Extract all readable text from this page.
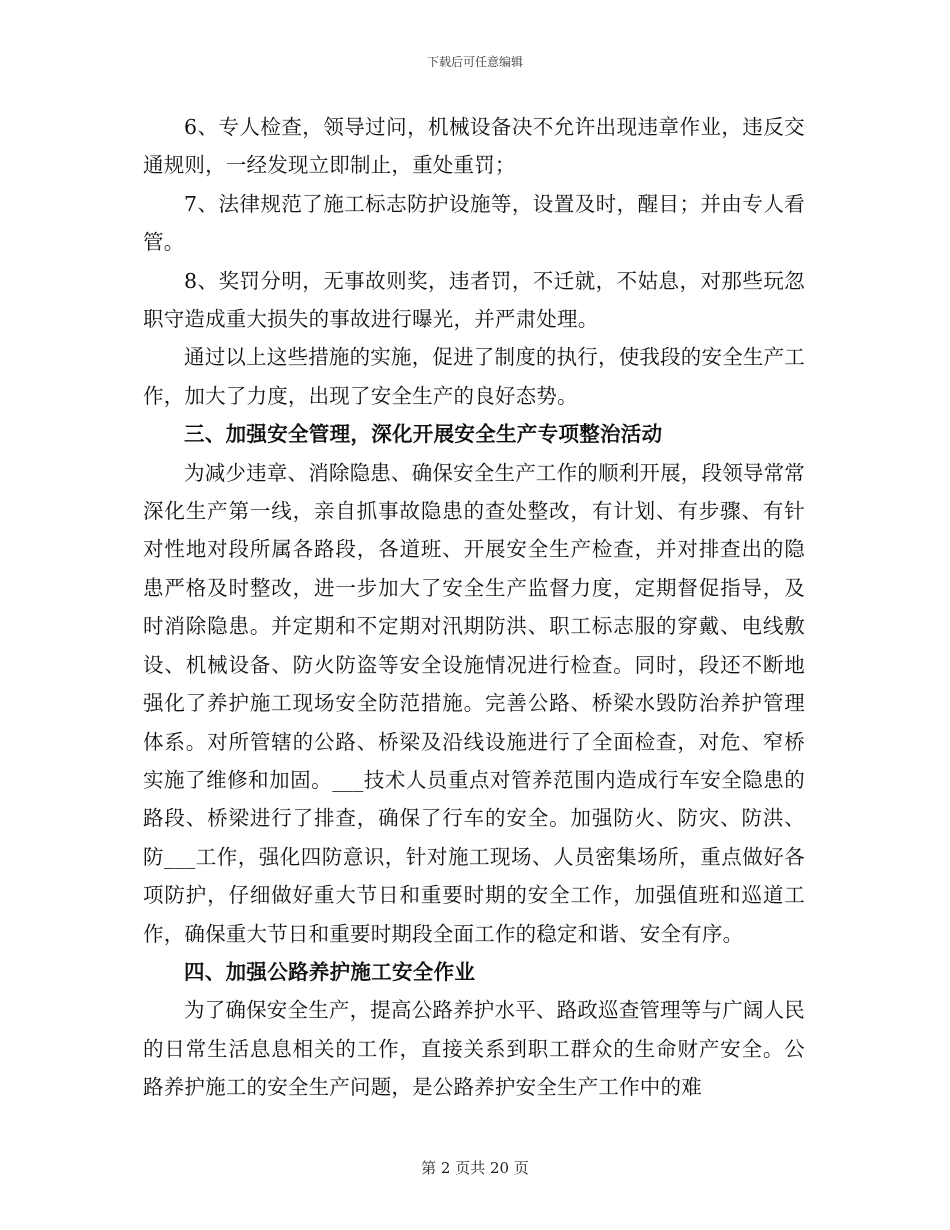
下载后可任意编辑

6、专人检查，领导过问，机械设备决不允许出现违章作业，违反交通规则，一经发现立即制止，重处重罚；

7、法律规范了施工标志防护设施等，设置及时，醒目；并由专人看管。

8、奖罚分明，无事故则奖，违者罚，不迁就，不姑息，对那些玩忽职守造成重大损失的事故进行曝光，并严肃处理。

通过以上这些措施的实施，促进了制度的执行，使我段的安全生产工作，加大了力度，出现了安全生产的良好态势。

三、加强安全管理，深化开展安全生产专项整治活动

为减少违章、消除隐患、确保安全生产工作的顺利开展，段领导常常深化生产第一线，亲自抓事故隐患的查处整改，有计划、有步骤、有针对性地对段所属各路段，各道班、开展安全生产检查，并对排查出的隐患严格及时整改，进一步加大了安全生产监督力度，定期督促指导，及时消除隐患。并定期和不定期对汛期防洪、职工标志服的穿戴、电线敷设、机械设备、防火防盗等安全设施情况进行检查。同时，段还不断地强化了养护施工现场安全防范措施。完善公路、桥梁水毁防治养护管理体系。对所管辖的公路、桥梁及沿线设施进行了全面检查，对危、窄桥实施了维修和加固。___技术人员重点对管养范围内造成行车安全隐患的路段、桥梁进行了排查，确保了行车的安全。加强防火、防灾、防洪、防___工作，强化四防意识，针对施工现场、人员密集场所，重点做好各项防护，仔细做好重大节日和重要时期的安全工作，加强值班和巡道工作，确保重大节日和重要时期段全面工作的稳定和谐、安全有序。

四、加强公路养护施工安全作业

为了确保安全生产，提高公路养护水平、路政巡查管理等与广阔人民的日常生活息息相关的工作，直接关系到职工群众的生命财产安全。公路养护施工的安全生产问题，是公路养护安全生产工作中的难

第 2 页共 20 页
